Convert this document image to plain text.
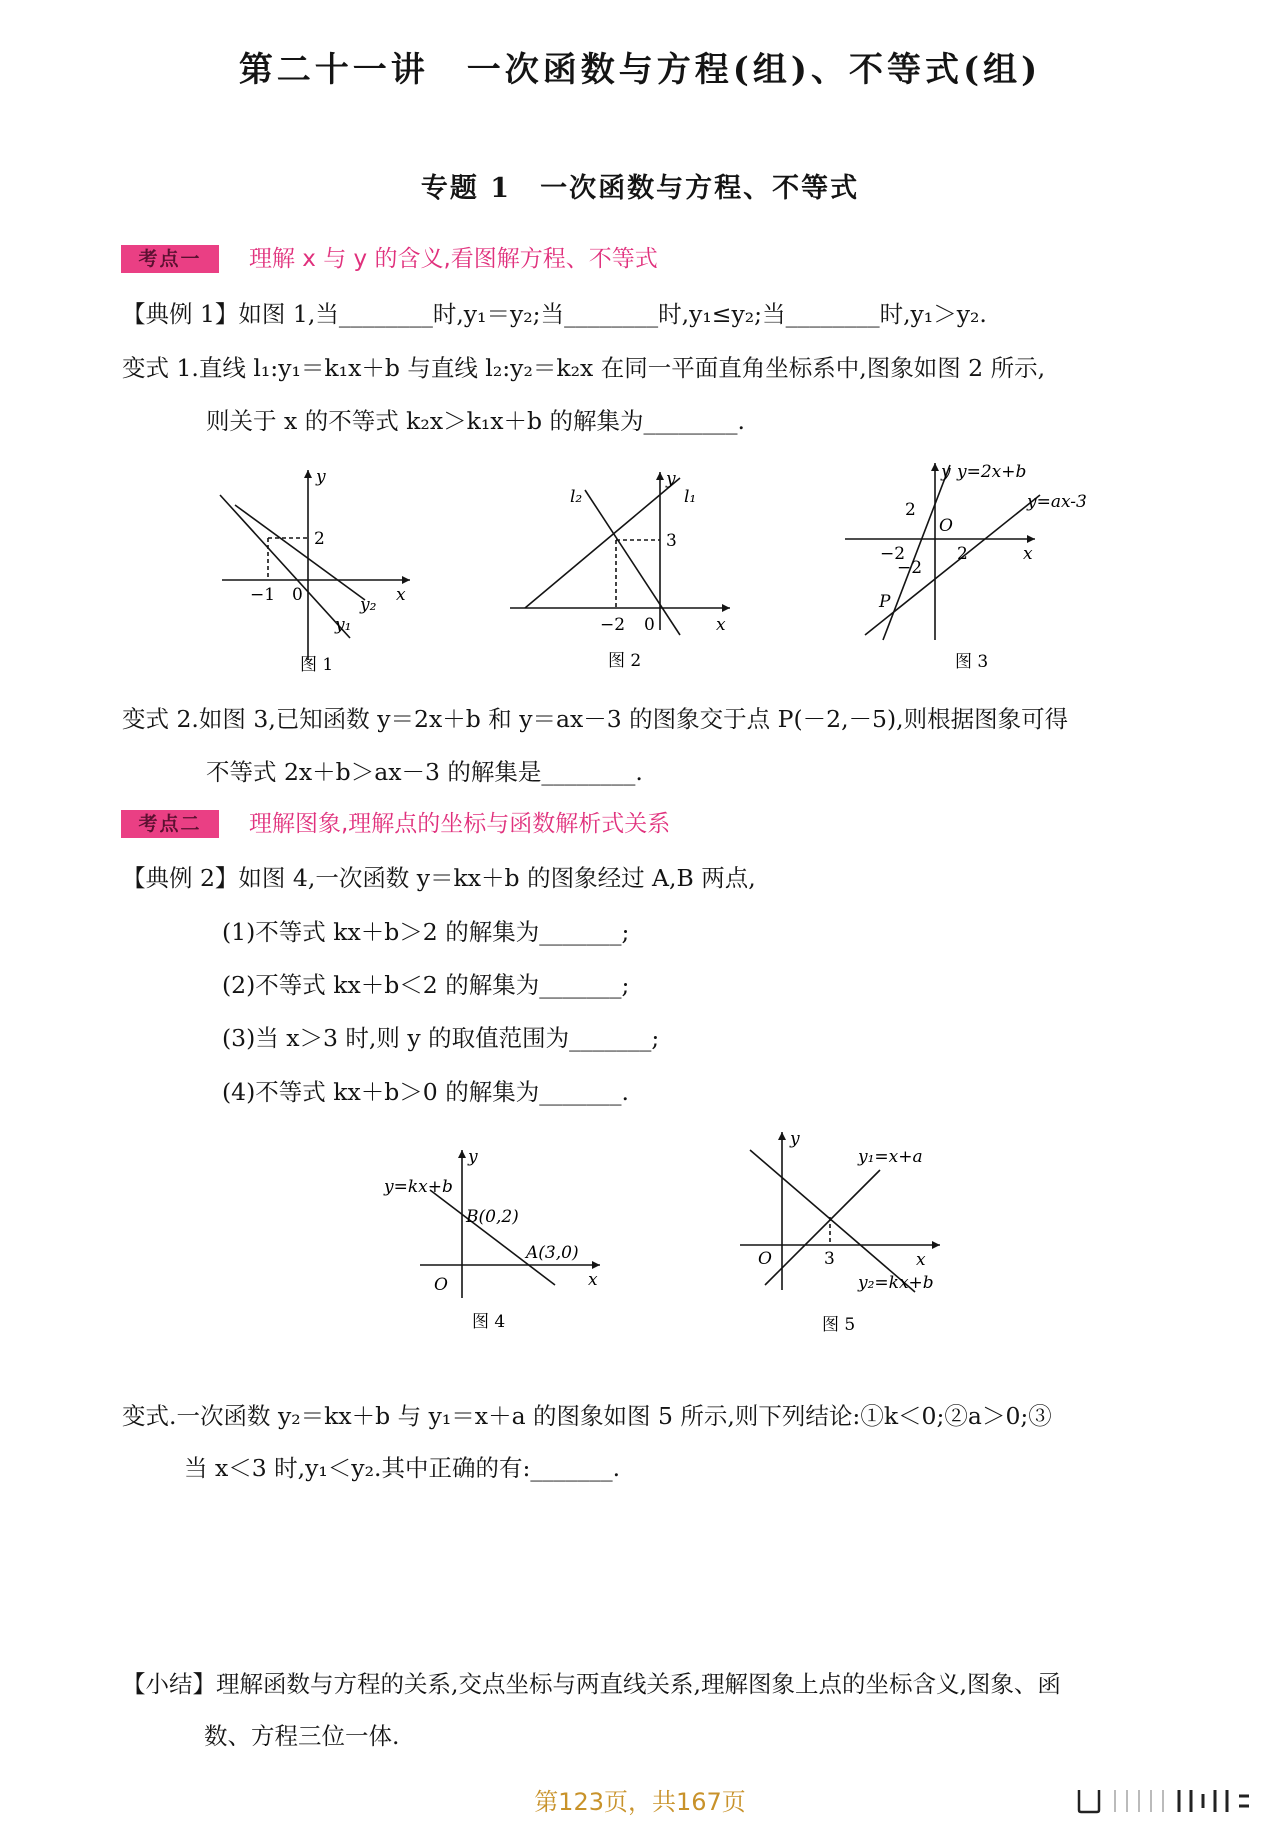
第二十一讲　一次函数与方程(组)、不等式(组)
专题 1　一次函数与方程、不等式
考点一	理解 x 与 y 的含义,看图解方程、不等式
【典例 1】如图 1,当________时,y₁＝y₂;当________时,y₁≤y₂;当________时,y₁＞y₂.
变式 1.直线 l₁:y₁＝k₁x＋b 与直线 l₂:y₂＝k₂x 在同一平面直角坐标系中,图象如图 2 所示,
则关于 x 的不等式 k₂x＞k₁x＋b 的解集为________.
y
x
2
−1 0	y₂
y₁
图 1
y
x
3
−2 0
l₁
l₂
图 2
y
x
y=2x+b
y=ax-3
2
O
−2
−2
2
P
图 3
变式 2.如图 3,已知函数 y＝2x＋b 和 y＝ax－3 的图象交于点 P(－2,－5),则根据图象可得
不等式 2x＋b＞ax－3 的解集是________.
考点二	理解图象,理解点的坐标与函数解析式关系
【典例 2】如图 4,一次函数 y＝kx＋b 的图象经过 A,B 两点,
(1)不等式 kx＋b＞2 的解集为_______;
(2)不等式 kx＋b＜2 的解集为_______;
(3)当 x＞3 时,则 y 的取值范围为_______;
(4)不等式 kx＋b＞0 的解集为_______.
y
x
y=kx+b
B(0,2)
A(3,0)
O
图 4
y
x
y₁=x+a
y₂=kx+b
O	3
图 5
变式.一次函数 y₂＝kx＋b 与 y₁＝x＋a 的图象如图 5 所示,则下列结论:①k＜0;②a＞0;③
当 x＜3 时,y₁＜y₂.其中正确的有:_______.
【小结】理解函数与方程的关系,交点坐标与两直线关系,理解图象上点的坐标含义,图象、函
数、方程三位一体.
第123页，共167页
